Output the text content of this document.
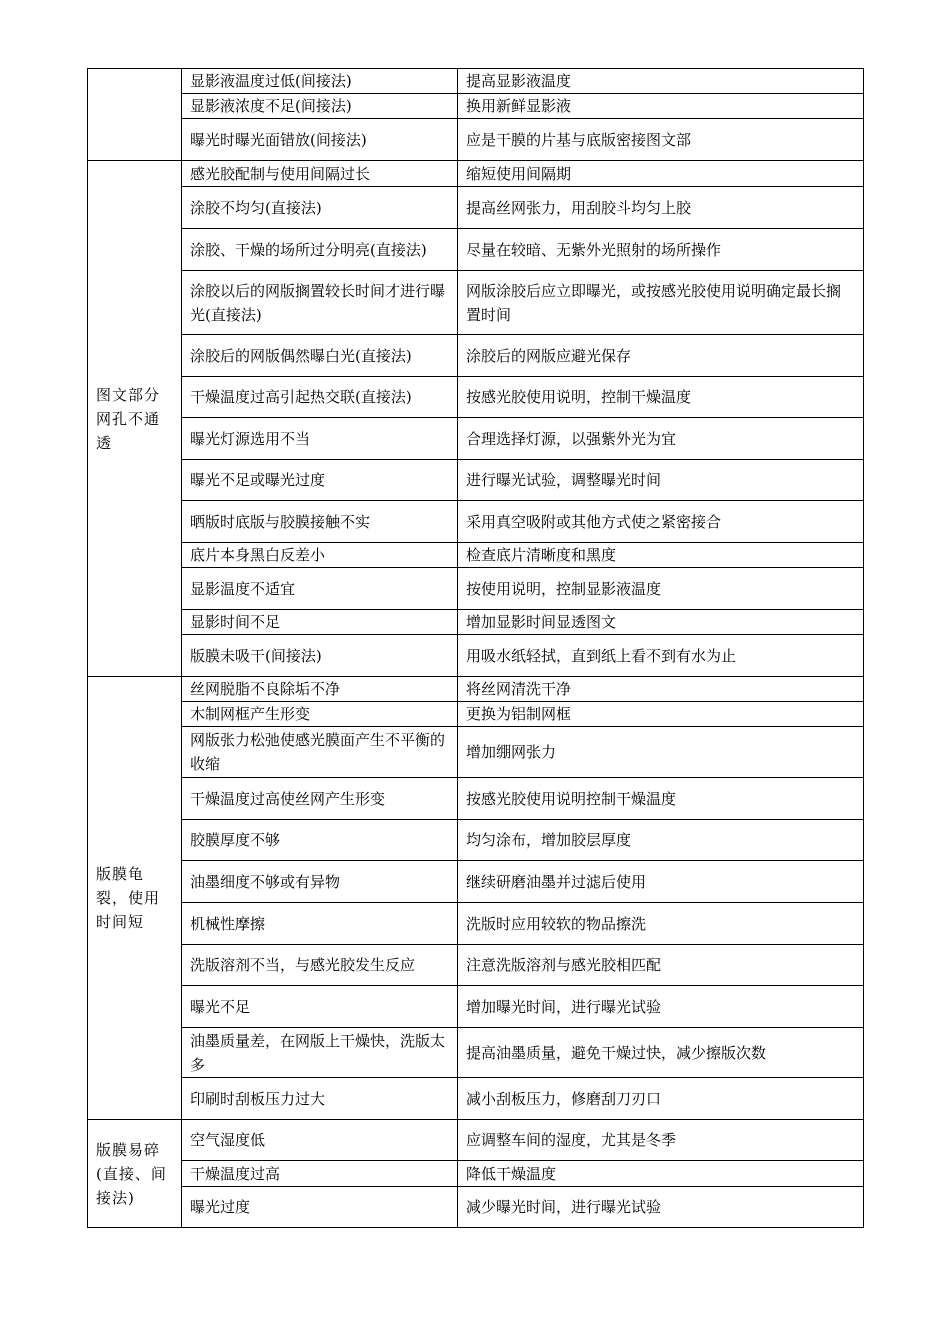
	显影液温度过低(间接法)	提高显影液温度
	显影液浓度不足(间接法)	换用新鲜显影液
	曝光时曝光面错放(间接法)	应是干膜的片基与底版密接图文部
图文部分网孔不通透	感光胶配制与使用间隔过长	缩短使用间隔期
	涂胶不均匀(直接法)	提高丝网张力，用刮胶斗均匀上胶
	涂胶、干燥的场所过分明亮(直接法)	尽量在较暗、无紫外光照射的场所操作
	涂胶以后的网版搁置较长时间才进行曝光(直接法)	网版涂胶后应立即曝光，或按感光胶使用说明确定最长搁置时间
	涂胶后的网版偶然曝白光(直接法)	涂胶后的网版应避光保存
	干燥温度过高引起热交联(直接法)	按感光胶使用说明，控制干燥温度
	曝光灯源选用不当	合理选择灯源，以强紫外光为宜
	曝光不足或曝光过度	进行曝光试验，调整曝光时间
	晒版时底版与胶膜接触不实	采用真空吸附或其他方式使之紧密接合
	底片本身黑白反差小	检查底片清晰度和黑度
	显影温度不适宜	按使用说明，控制显影液温度
	显影时间不足	增加显影时间显透图文
	版膜未吸干(间接法)	用吸水纸轻拭，直到纸上看不到有水为止
版膜龟裂，使用时间短	丝网脱脂不良除垢不净	将丝网清洗干净
	木制网框产生形变	更换为铝制网框
	网版张力松弛使感光膜面产生不平衡的收缩	增加绷网张力
	干燥温度过高使丝网产生形变	按感光胶使用说明控制干燥温度
	胶膜厚度不够	均匀涂布，增加胶层厚度
	油墨细度不够或有异物	继续研磨油墨并过滤后使用
	机械性摩擦	洗版时应用较软的物品擦洗
	洗版溶剂不当，与感光胶发生反应	注意洗版溶剂与感光胶相匹配
	曝光不足	增加曝光时间，进行曝光试验
	油墨质量差，在网版上干燥快，洗版太多	提高油墨质量，避免干燥过快，减少擦版次数
	印刷时刮板压力过大	减小刮板压力，修磨刮刀刃口
版膜易碎(直接、间接法)	空气湿度低	应调整车间的湿度，尤其是冬季
	干燥温度过高	降低干燥温度
	曝光过度	减少曝光时间，进行曝光试验
